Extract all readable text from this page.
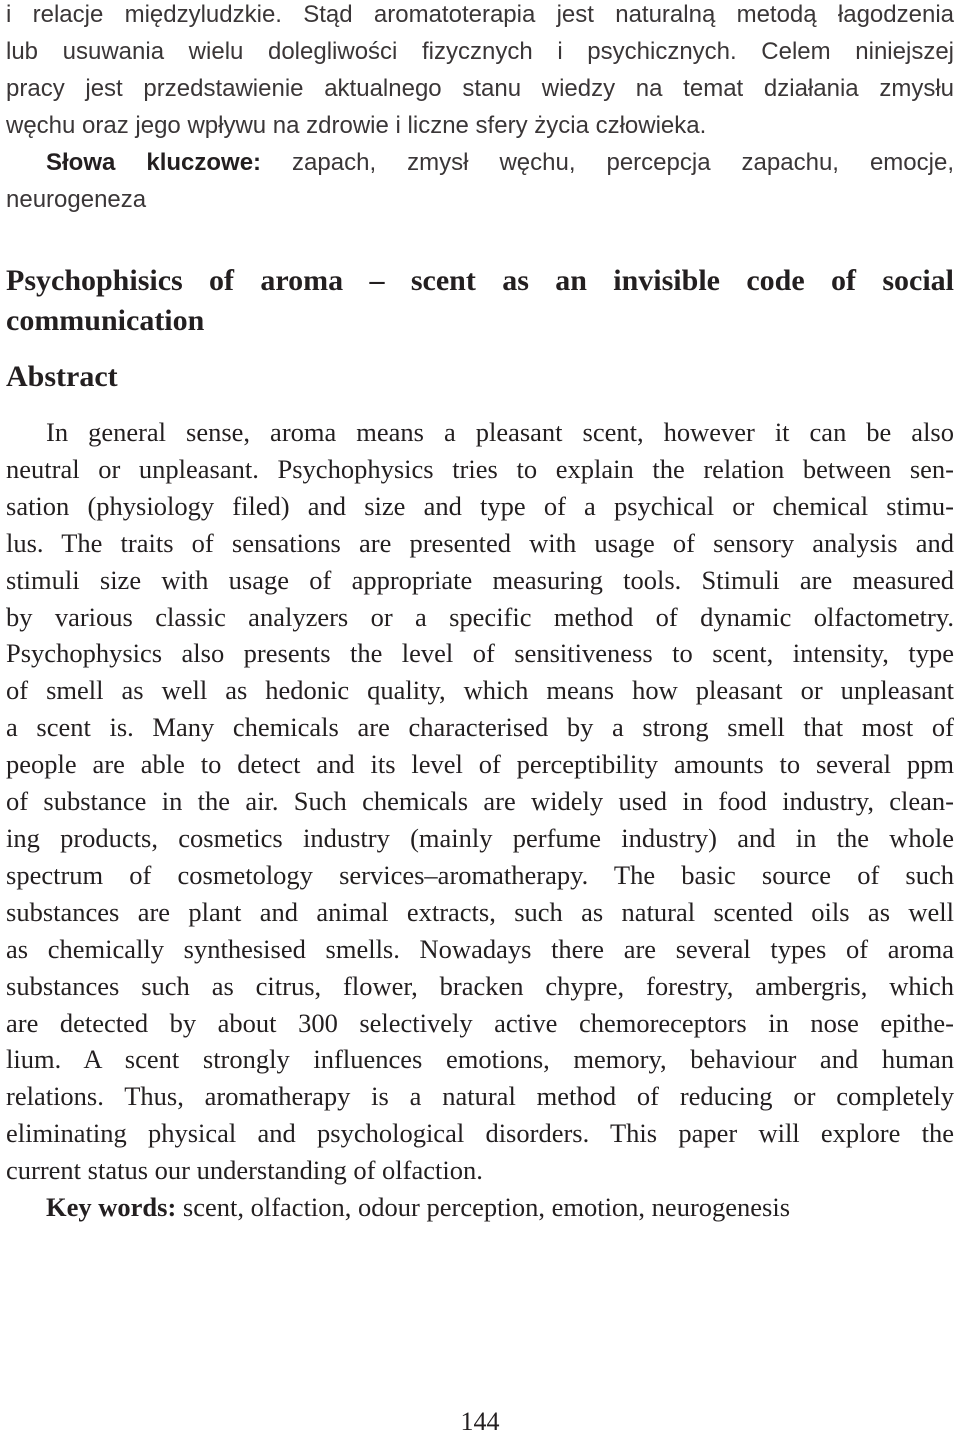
i relacje międzyludzkie. Stąd aromatoterapia jest naturalną metodą łagodzenia
lub usuwania wielu dolegliwości fizycznych i psychicznych. Celem niniejszej
pracy jest przedstawienie aktualnego stanu wiedzy na temat działania zmysłu
węchu oraz jego wpływu na zdrowie i liczne sfery życia człowieka.
Słowa kluczowe: zapach, zmysł węchu, percepcja zapachu, emocje,
neurogeneza
Psychophisics of aroma – scent as an invisible code of social
communication
Abstract
In general sense, aroma means a pleasant scent, however it can be also
neutral or unpleasant. Psychophysics tries to explain the relation between sen-
sation (physiology filed) and size and type of a psychical or chemical stimu-
lus. The traits of sensations are presented with usage of sensory analysis and
stimuli size with usage of appropriate measuring tools. Stimuli are measured
by various classic analyzers or a specific method of dynamic olfactometry.
Psychophysics also presents the level of sensitiveness to scent, intensity, type
of smell as well as hedonic quality, which means how pleasant or unpleasant
a scent is. Many chemicals are characterised by a strong smell that most of
people are able to detect and its level of perceptibility amounts to several ppm
of substance in the air. Such chemicals are widely used in food industry, clean-
ing products, cosmetics industry (mainly perfume industry) and in the whole
spectrum of cosmetology services–aromatherapy. The basic source of such
substances are plant and animal extracts, such as natural scented oils as well
as chemically synthesised smells. Nowadays there are several types of aroma
substances such as citrus, flower, bracken chypre, forestry, ambergris, which
are detected by about 300 selectively active chemoreceptors in nose epithe-
lium. A scent strongly influences emotions, memory, behaviour and human
relations. Thus, aromatherapy is a natural method of reducing or completely
eliminating physical and psychological disorders. This paper will explore the
current status our understanding of olfaction.
Key words: scent, olfaction, odour perception, emotion, neurogenesis
144
